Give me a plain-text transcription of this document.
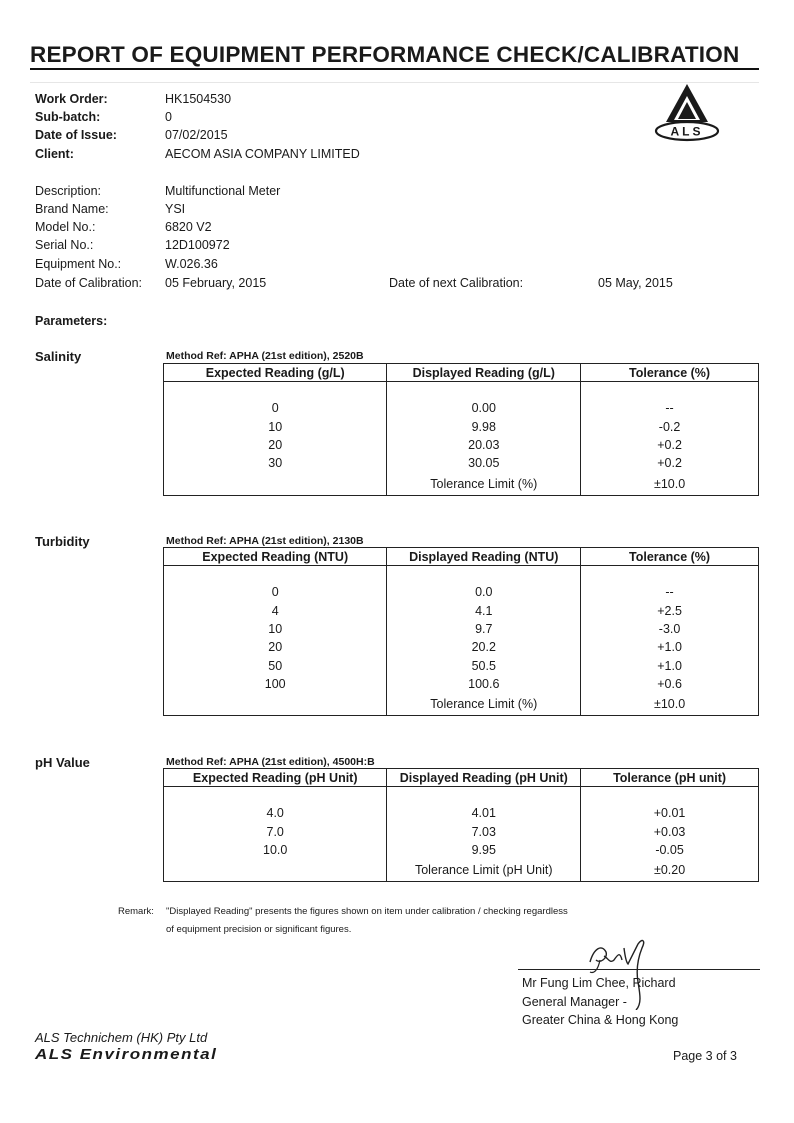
REPORT OF EQUIPMENT PERFORMANCE CHECK/CALIBRATION
ALS
Work Order:	HK1504530
Sub-batch:	0
Date of Issue:	07/02/2015
Client:	AECOM ASIA COMPANY LIMITED
Description:	Multifunctional Meter
Brand Name:	YSI
Model No.:	6820 V2
Serial No.:	12D100972
Equipment No.:	W.026.36
Date of Calibration: 05 February, 2015	Date of next Calibration:	05 May, 2015
Parameters:
Salinity	Method Ref: APHA (21st edition), 2520B
Expected Reading (g/L)	Displayed Reading (g/L)	Tolerance (%)

0	0.00	--
10	9.98	-0.2
20	20.03	+0.2
30	30.05	+0.2
	Tolerance Limit (%)	±10.0
Turbidity	Method Ref: APHA (21st edition), 2130B
Expected Reading (NTU)	Displayed Reading (NTU)	Tolerance (%)

0	0.0	--
4	4.1	+2.5
10	9.7	-3.0
20	20.2	+1.0
50	50.5	+1.0
100	100.6	+0.6
	Tolerance Limit (%)	±10.0
pH Value	Method Ref: APHA (21st edition), 4500H:B
Expected Reading (pH Unit)	Displayed Reading (pH Unit)	Tolerance (pH unit)

4.0	4.01	+0.01
7.0	7.03	+0.03
10.0	9.95	-0.05
	Tolerance Limit (pH Unit)	±0.20
Remark: "Displayed Reading" presents the figures shown on item under calibration / checking regardless
of equipment precision or significant figures.
Mr Fung Lim Chee, Richard
General Manager -
Greater China & Hong Kong
ALS Technichem (HK) Pty Ltd
ALS Environmental	Page 3 of 3
